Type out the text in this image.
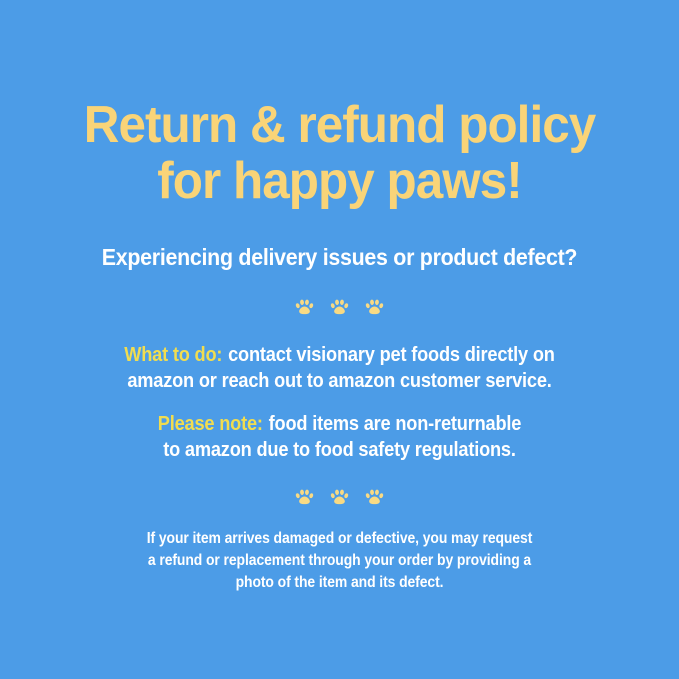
Return & refund policy
for happy paws!

Experiencing delivery issues or product defect?

What to do: contact visionary pet foods directly on
amazon or reach out to amazon customer service.

Please note: food items are non-returnable
to amazon due to food safety regulations.

If your item arrives damaged or defective, you may request
a refund or replacement through your order by providing a
photo of the item and its defect.
